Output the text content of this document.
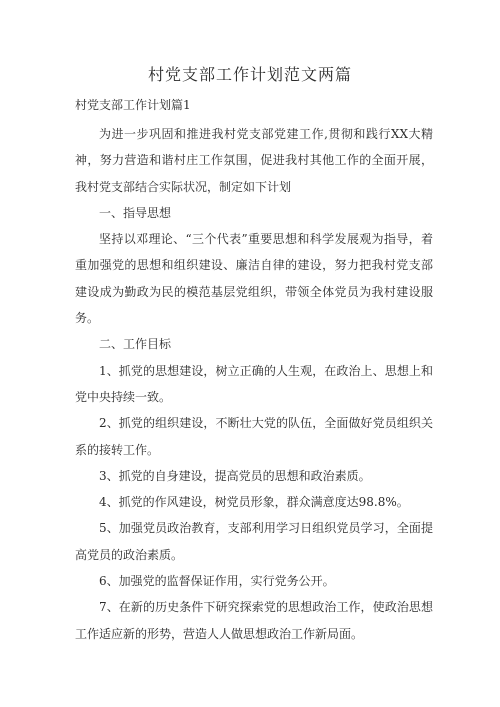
村党支部工作计划范文两篇
村党支部工作计划篇1

为进一步巩固和推进我村党支部党建工作,贯彻和践行XX大精神，努力营造和谐村庄工作氛围，促进我村其他工作的全面开展，我村党支部结合实际状况，制定如下计划

一、指导思想

坚持以邓理论、“三个代表”重要思想和科学发展观为指导，着重加强党的思想和组织建设、廉洁自律的建设，努力把我村党支部建设成为勤政为民的模范基层党组织，带领全体党员为我村建设服务。

二、工作目标

1、抓党的思想建设，树立正确的人生观，在政治上、思想上和党中央持续一致。

2、抓党的组织建设，不断壮大党的队伍，全面做好党员组织关系的接转工作。

3、抓党的自身建设，提高党员的思想和政治素质。

4、抓党的作风建设，树党员形象，群众满意度达98.8%。

5、加强党员政治教育，支部利用学习日组织党员学习，全面提高党员的政治素质。

6、加强党的监督保证作用，实行党务公开。

7、在新的历史条件下研究探索党的思想政治工作，使政治思想工作适应新的形势，营造人人做思想政治工作新局面。
